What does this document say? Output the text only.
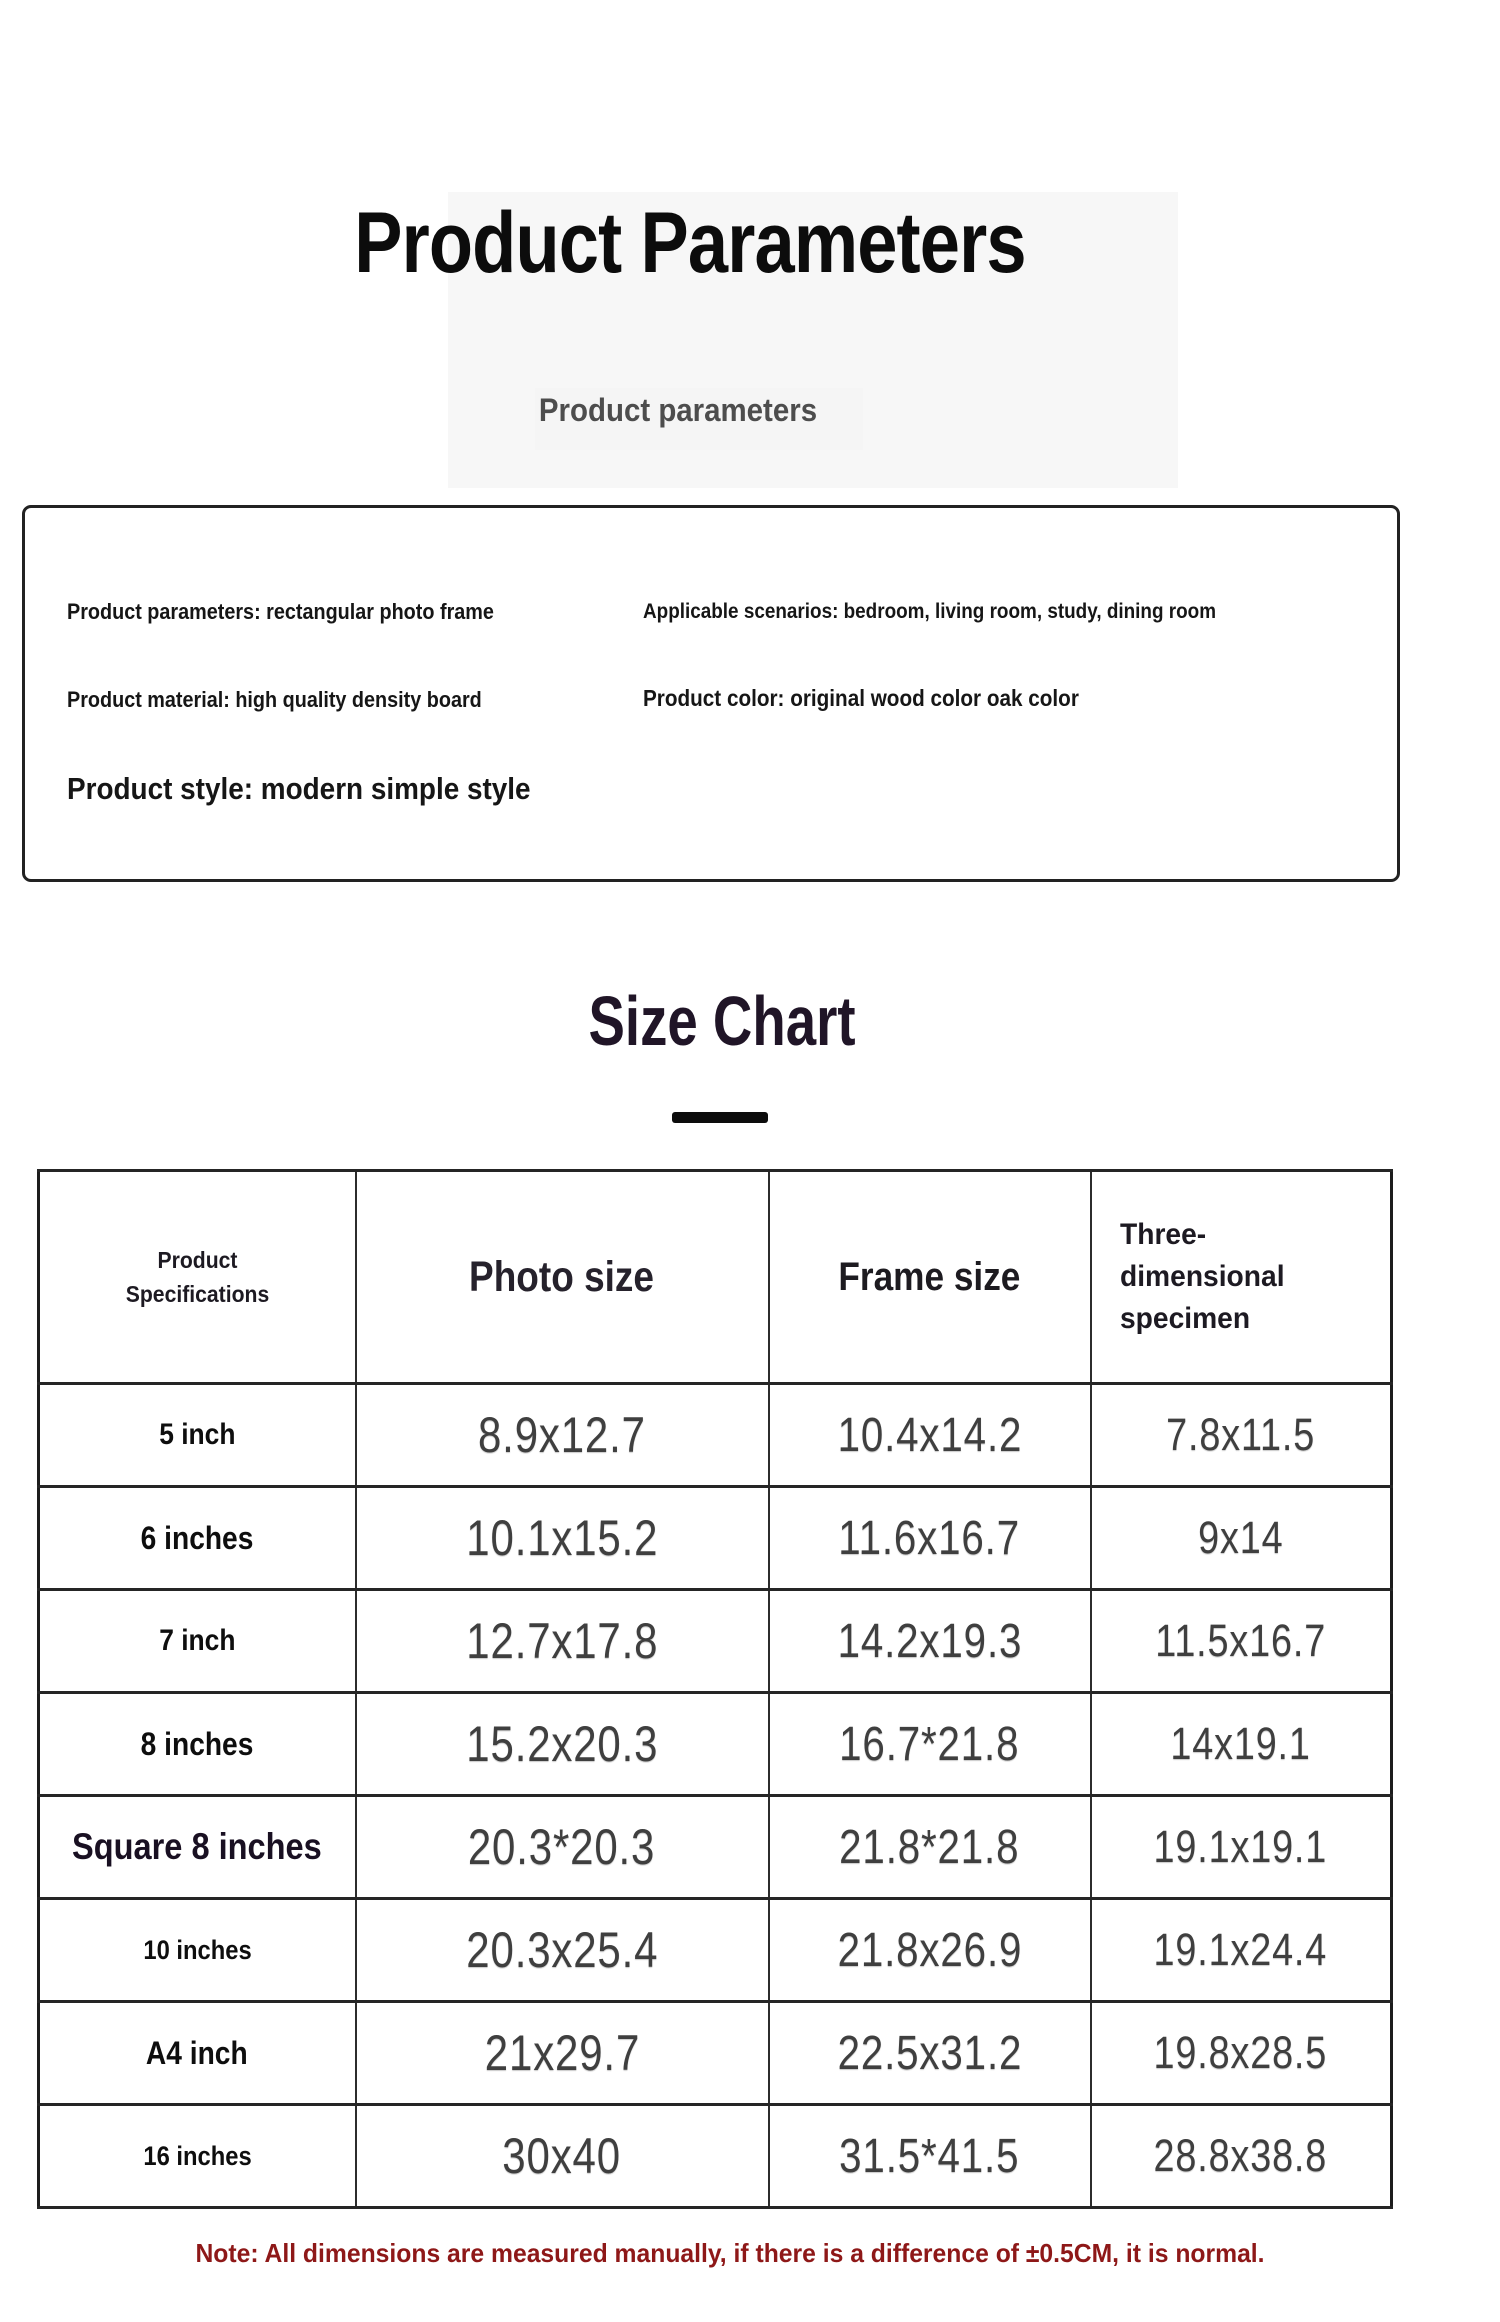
Product Parameters

Product parameters

Product parameters: rectangular photo frame

Product material: high quality density board

Product style: modern simple style

Applicable scenarios: bedroom, living room, study, dining room

Product color: original wood color oak color

Size Chart
Product Specifications	Photo size	Frame size	Three-dimensional specimen
5 inch	8.9x12.7	10.4x14.2	7.8x11.5
6 inches	10.1x15.2	11.6x16.7	9x14
7 inch	12.7x17.8	14.2x19.3	11.5x16.7
8 inches	15.2x20.3	16.7*21.8	14x19.1
Square 8 inches	20.3*20.3	21.8*21.8	19.1x19.1
10 inches	20.3x25.4	21.8x26.9	19.1x24.4
A4 inch	21x29.7	22.5x31.2	19.8x28.5
16 inches	30x40	31.5*41.5	28.8x38.8

Note: All dimensions are measured manually, if there is a difference of ±0.5CM, it is normal.
